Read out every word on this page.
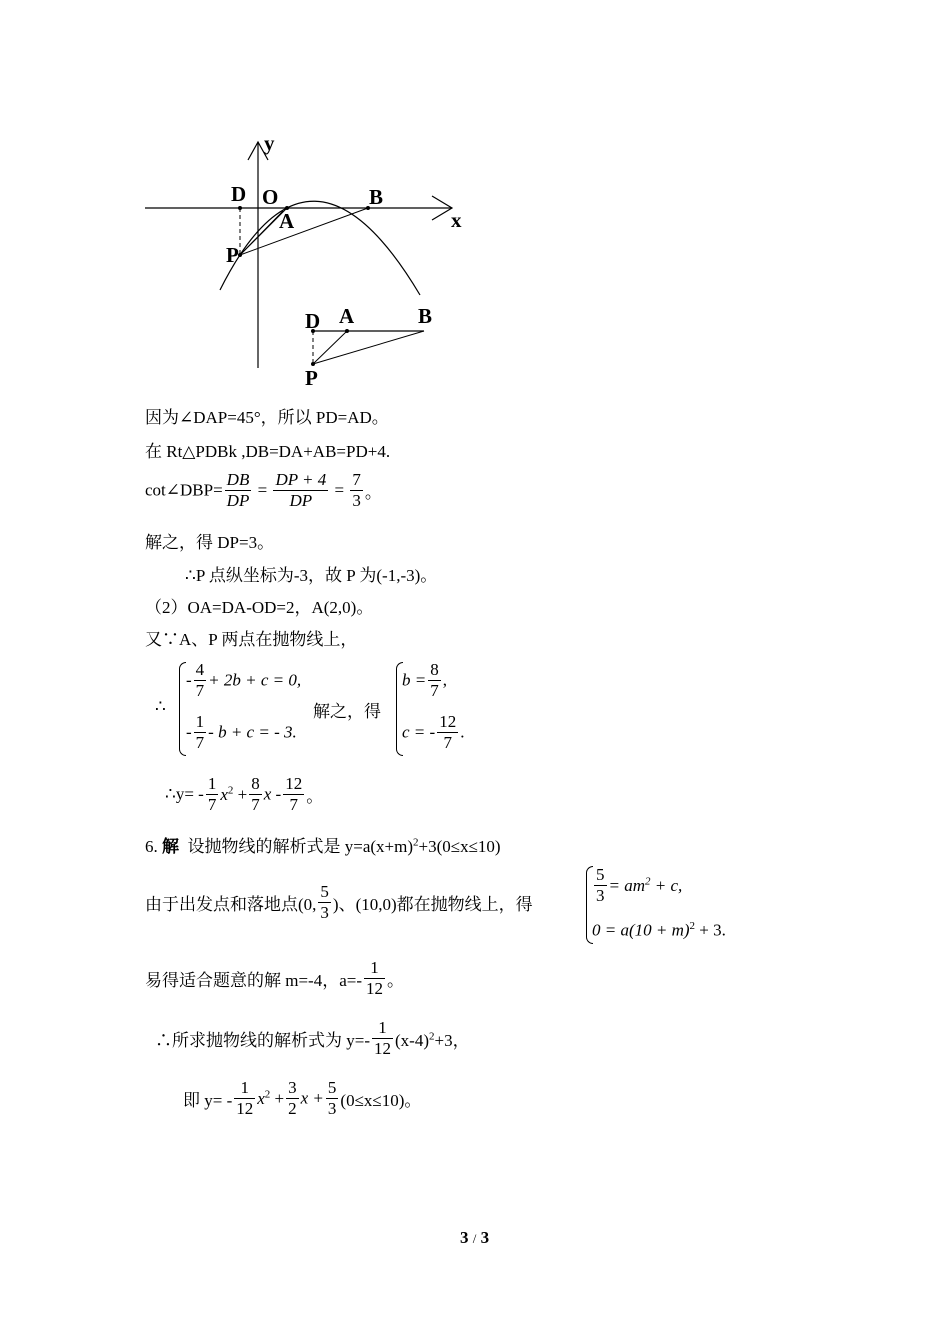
y
x
D O
A
B
P
D A	B
P
因为∠DAP=45°，所以 PD=AD。
在 Rt△PDBk ,DB=DA+AB=PD+4.
cot∠DBP= $\frac{DB}{DP} = \frac{DP + 4}{DP} = \frac{7}{3}$ 。
解之，得 DP=3。
∴P 点纵坐标为-3，故 P 为(-1,-3)。
（2）OA=DA-OD=2，A(2,0)。
又∵A、P 两点在抛物线上，
∴
- $\frac{4}{7} + 2b + c = 0$,
- $\frac{1}{7} - b + c$ = - 3.
解之，得
$b = \frac{8}{7}$ ,
c = - $\frac{12}{7}$ .
∴y= - $\frac{1}{7} x^2 + \frac{8}{7}$ x - $\frac{12}{7}$ 。
6. 解 设抛物线的解析式是 $y=a(x+m)^2+3(0\le x\le 10)$
由于出发点和落地点(0, $\frac{5}{3}$ )、(10,0)都在抛物线上，得	$\frac{5}{3} = am^2 + c$,
$0 = a(10 + m)^2 + 3$.
易得适合题意的解 m=-4，$a=- \frac{1}{12}$ 。
∴所求抛物线的解析式为 $y=- \frac{1}{12} (x-4)^2+3$，
即 $y= - \frac{1}{12} x^2 + \frac{3}{2}$ $x + \frac{5}{3} (0\le x\le 10)$。
3 / 3
